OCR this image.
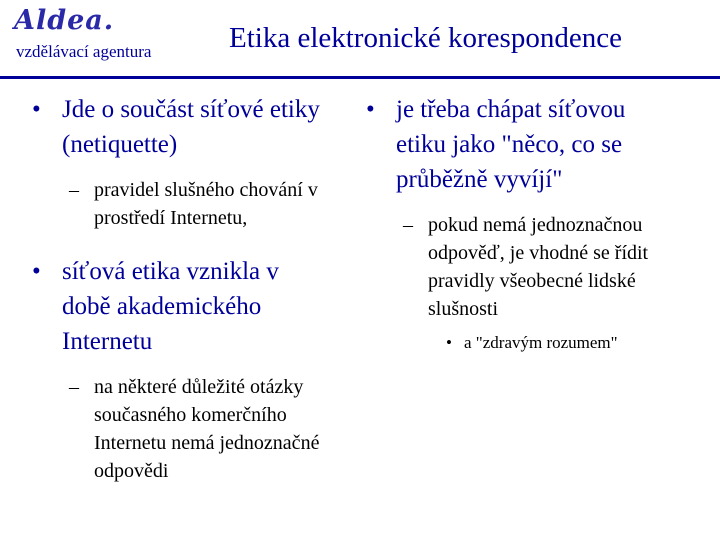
Aldea.
vzdělávací agentura	Etika elektronické korespondence
• Jde o součást síťové etiky (netiquette)
– pravidel slušného chování v prostředí Internetu,
• síťová etika vznikla v době akademického Internetu
– na některé důležité otázky současného komerčního Internetu nemá jednoznačné odpovědi
• je třeba chápat síťovou etiku jako "něco, co se průběžně vyvíjí"
– pokud nemá jednoznačnou odpověď, je vhodné se řídit pravidly všeobecné lidské slušnosti
• a "zdravým rozumem"
